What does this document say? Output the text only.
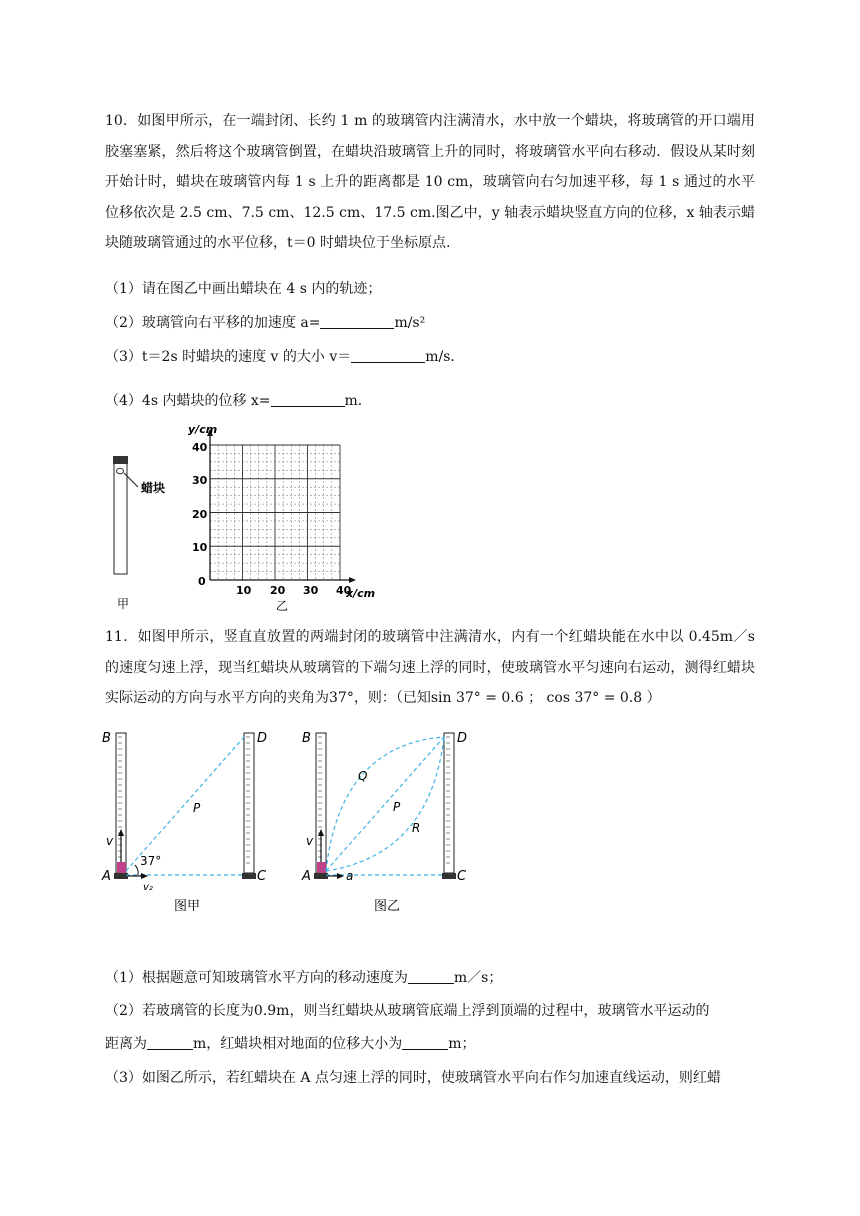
10．如图甲所示，在一端封闭、长约 1 m 的玻璃管内注满清水，水中放一个蜡块，将玻璃管的开口端用胶塞塞紧，然后将这个玻璃管倒置，在蜡块沿玻璃管上升的同时，将玻璃管水平向右移动．假设从某时刻开始计时，蜡块在玻璃管内每 1 s 上升的距离都是 10 cm，玻璃管向右匀加速平移，每 1 s 通过的水平位移依次是 2.5 cm、7.5 cm、12.5 cm、17.5 cm.图乙中，y 轴表示蜡块竖直方向的位移，x 轴表示蜡块随玻璃管通过的水平位移，t＝0 时蜡块位于坐标原点.
（1）请在图乙中画出蜡块在 4 s 内的轨迹；
（2）玻璃管向右平移的加速度 a=	m/s²
（3）t＝2s 时蜡块的速度 v 的大小 v＝	m/s．
（4）4s 内蜡块的位移 x=	m．
蜡块
甲
y/cm
x/cm
40
30
20
10
0
10 20 30 40
乙
11．如图甲所示，竖直直放置的两端封闭的玻璃管中注满清水，内有一个红蜡块能在水中以 0.45m／s 的速度匀速上浮，现当红蜡块从玻璃管的下端匀速上浮的同时，使玻璃管水平匀速向右运动，测得红蜡块实际运动的方向与水平方向的夹角为37°，则：（已知sin 37° = 0.6 ； cos 37° = 0.8 ）
B	D
A	C
P
v
37°
v₂
图甲
B	D
A	C
Q
P
R
v
a
图乙
（1）根据题意可知玻璃管水平方向的移动速度为	m／s；
（2）若玻璃管的长度为0.9m，则当红蜡块从玻璃管底端上浮到顶端的过程中，玻璃管水平运动的
距离为	m，红蜡块相对地面的位移大小为	m；
（3）如图乙所示，若红蜡块在 A 点匀速上浮的同时，使玻璃管水平向右作匀加速直线运动，则红蜡
